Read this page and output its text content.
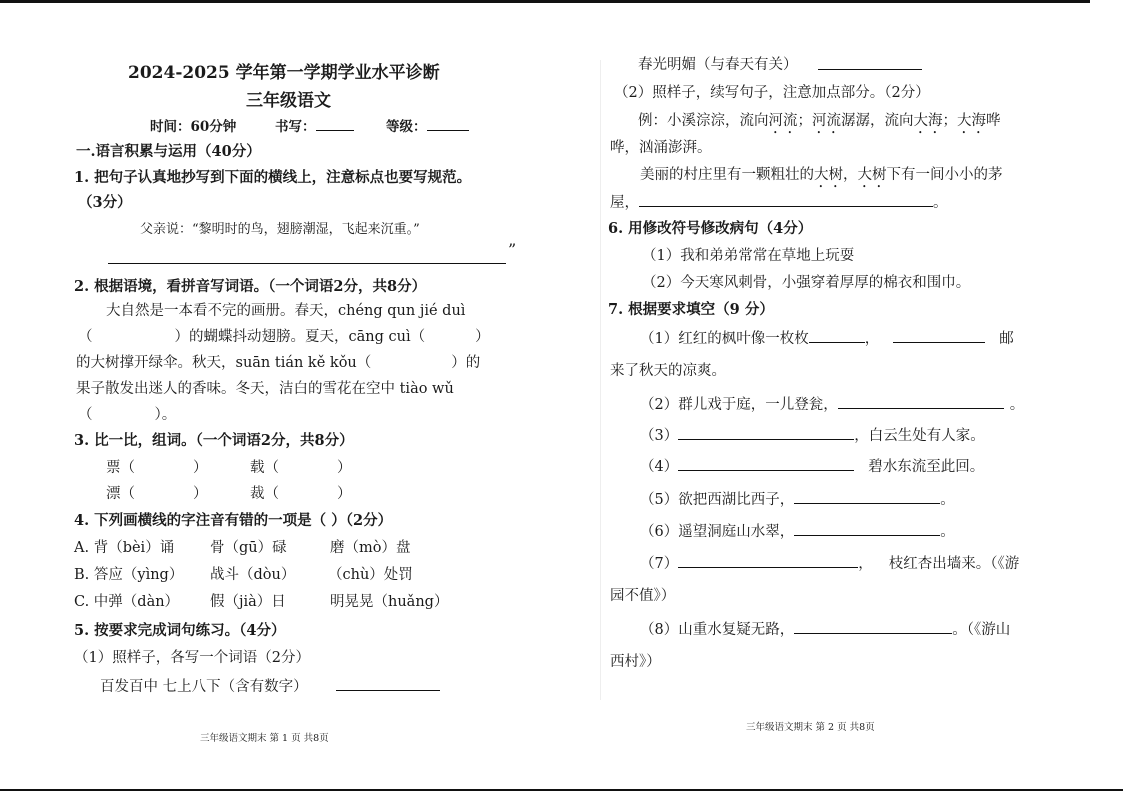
2024-2025 学年第一学期学业水平诊断
三年级语文
时间：60分钟	书写：	等级：
一.语言积累与运用（40分）
1. 把句子认真地抄写到下面的横线上，注意标点也要写规范。
（3分）
父亲说：“黎明时的鸟，翅膀潮湿，飞起来沉重。”
”
2. 根据语境，看拼音写词语。（一个词语2分，共8分）
大自然是一本看不完的画册。春天，chéng qun jié duì
（	）的蝴蝶抖动翅膀。夏天，cāng cuì（	）
的大树撑开绿伞。秋天，suān tián kě kǒu（	）的
果子散发出迷人的香味。冬天，洁白的雪花在空中 tiào wǔ
（	）。
3. 比一比，组词。（一个词语2分，共8分）
票（	）	载（	）
漂（	）	裁（	）
4. 下列画横线的字注音有错的一项是（ ）（2分）
A. 背（bèi）诵 骨（gū）碌	磨（mò）盘
B. 答应（yìng） 战斗（dòu） （chù）处罚
C. 中弹（dàn） 假（jià）日	明晃晃（huǎng）
5. 按要求完成词句练习。（4分）
（1）照样子，各写一个词语（2分）
百发百中 七上八下（含有数字）
三年级语文期末 第 1 页 共8页
春光明媚（与春天有关）
（2）照样子，续写句子，注意加点部分。（2分）
例：小溪淙淙，流向河流；河流潺潺，流向大海；大海哗
哗，汹涌澎湃。
美丽的村庄里有一颗粗壮的大树，大树下有一间小小的茅
屋，	。
6. 用修改符号修改病句（4分）
（1）我和弟弟常常在草地上玩耍
（2）今天寒风刺骨，小强穿着厚厚的棉衣和围巾。
7. 根据要求填空（9 分）
（1）红红的枫叶像一枚枚	，	邮
来了秋天的凉爽。
（2）群儿戏于庭，一儿登瓮，	。
（3）	，白云生处有人家。
（4）	碧水东流至此回。
（5）欲把西湖比西子，	。
（6）遥望洞庭山水翠，	。
（7）	， 枝红杏出墙来。（《游
园不值》）
（8）山重水复疑无路，	。（《游山
西村》）
三年级语文期末 第 2 页 共8页
